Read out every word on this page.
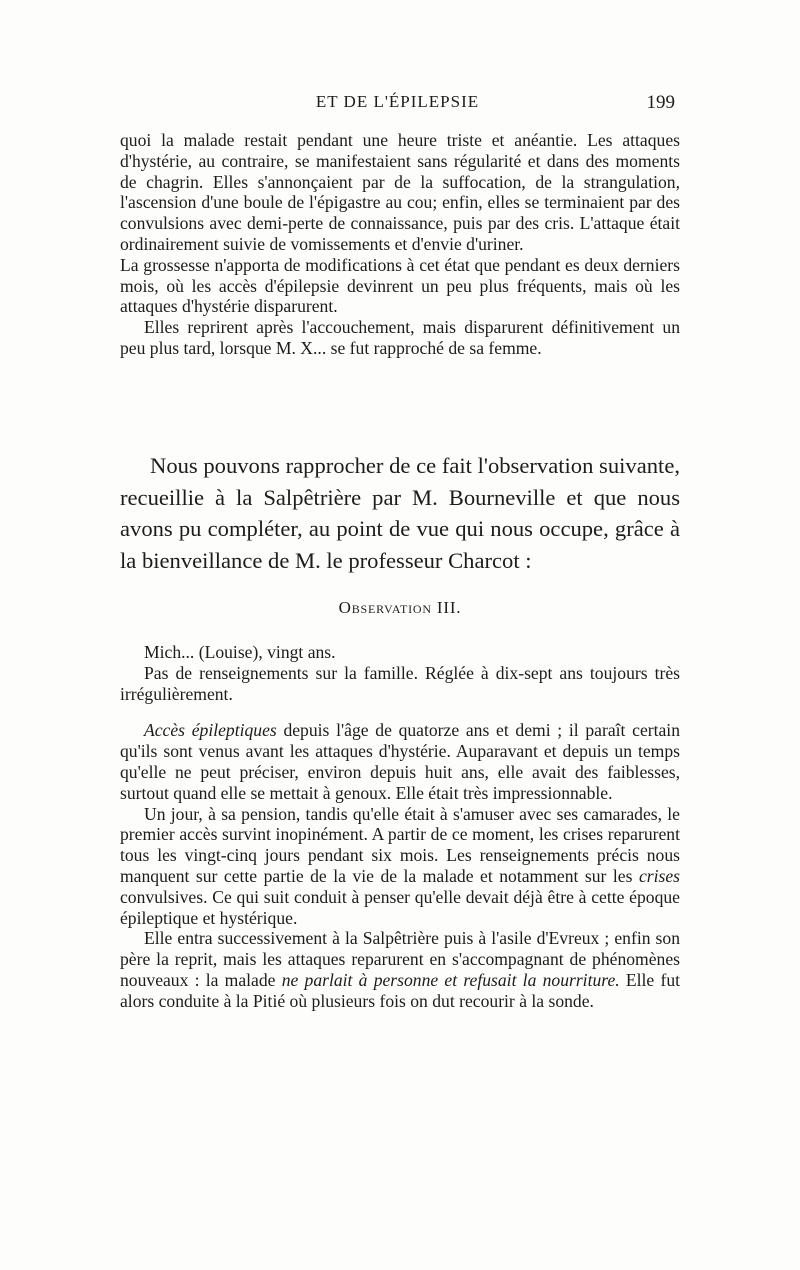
ET DE L'ÉPILEPSIE	199

quoi la malade restait pendant une heure triste et anéantie. Les attaques d'hystérie, au contraire, se manifestaient sans régularité et dans des moments de chagrin. Elles s'annonçaient par de la suffocation, de la strangulation, l'ascension d'une boule de l'épigastre au cou; enfin, elles se terminaient par des convulsions avec demi-perte de connaissance, puis par des cris. L'attaque était ordinairement suivie de vomissements et d'envie d'uriner.

La grossesse n'apporta de modifications à cet état que pendant es deux derniers mois, où les accès d'épilepsie devinrent un peu plus fréquents, mais où les attaques d'hystérie disparurent.

Elles reprirent après l'accouchement, mais disparurent définitivement un peu plus tard, lorsque M. X... se fut rapproché de sa femme.

Nous pouvons rapprocher de ce fait l'observation suivante, recueillie à la Salpêtrière par M. Bourneville et que nous avons pu compléter, au point de vue qui nous occupe, grâce à la bienveillance de M. le professeur Charcot :

Observation III.

Mich... (Louise), vingt ans.

Pas de renseignements sur la famille. Réglée à dix-sept ans toujours très irrégulièrement.

Accès épileptiques depuis l'âge de quatorze ans et demi ; il paraît certain qu'ils sont venus avant les attaques d'hystérie. Auparavant et depuis un temps qu'elle ne peut préciser, environ depuis huit ans, elle avait des faiblesses, surtout quand elle se mettait à genoux. Elle était très impressionnable.

Un jour, à sa pension, tandis qu'elle était à s'amuser avec ses camarades, le premier accès survint inopinément. A partir de ce moment, les crises reparurent tous les vingt-cinq jours pendant six mois. Les renseignements précis nous manquent sur cette partie de la vie de la malade et notamment sur les crises convulsives. Ce qui suit conduit à penser qu'elle devait déjà être à cette époque épileptique et hystérique.

Elle entra successivement à la Salpêtrière puis à l'asile d'Evreux ; enfin son père la reprit, mais les attaques reparurent en s'accompagnant de phénomènes nouveaux : la malade ne parlait à personne et refusait la nourriture. Elle fut alors conduite à la Pitié où plusieurs fois on dut recourir à la sonde.
